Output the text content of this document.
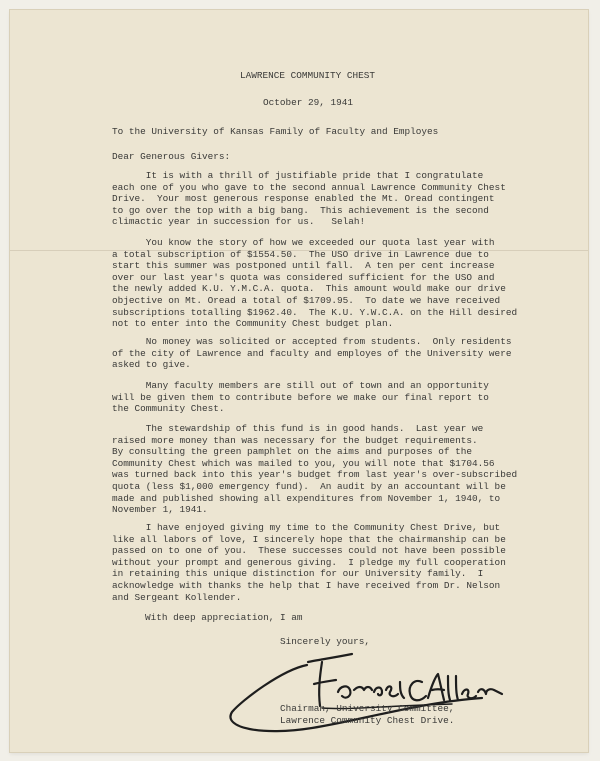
LAWRENCE COMMUNITY CHEST
October 29, 1941
To the University of Kansas Family of Faculty and Employes
Dear Generous Givers:

It is with a thrill of justifiable pride that I congratulate
each one of you who gave to the second annual Lawrence Community Chest
Drive.  Your most generous response enabled the Mt. Oread contingent
to go over the top with a big bang.  This achievement is the second
climactic year in succession for us.   Selah!

You know the story of how we exceeded our quota last year with
a total subscription of $1554.50.  The USO drive in Lawrence due to
start this summer was postponed until fall.  A ten per cent increase
over our last year's quota was considered sufficient for the USO and
the newly added K.U. Y.M.C.A. quota.  This amount would make our drive
objective on Mt. Oread a total of $1709.95.  To date we have received
subscriptions totalling $1962.40.  The K.U. Y.W.C.A. on the Hill desired
not to enter into the Community Chest budget plan.

No money was solicited or accepted from students.  Only residents
of the city of Lawrence and faculty and employes of the University were
asked to give.

Many faculty members are still out of town and an opportunity
will be given them to contribute before we make our final report to
the Community Chest.

The stewardship of this fund is in good hands.  Last year we
raised more money than was necessary for the budget requirements.
By consulting the green pamphlet on the aims and purposes of the
Community Chest which was mailed to you, you will note that $1704.56
was turned back into this year's budget from last year's over-subscribed
quota (less $1,000 emergency fund).  An audit by an accountant will be
made and published showing all expenditures from November 1, 1940, to
November 1, 1941.

I have enjoyed giving my time to the Community Chest Drive, but
like all labors of love, I sincerely hope that the chairmanship can be
passed on to one of you.  These successes could not have been possible
without your prompt and generous giving.  I pledge my full cooperation
in retaining this unique distinction for our University family.  I
acknowledge with thanks the help that I have received from Dr. Nelson
and Sergeant Kollender.

With deep appreciation, I am

Sincerely yours,

Forrest C Allen
Chairman, University Committee,
Lawrence Community Chest Drive.
